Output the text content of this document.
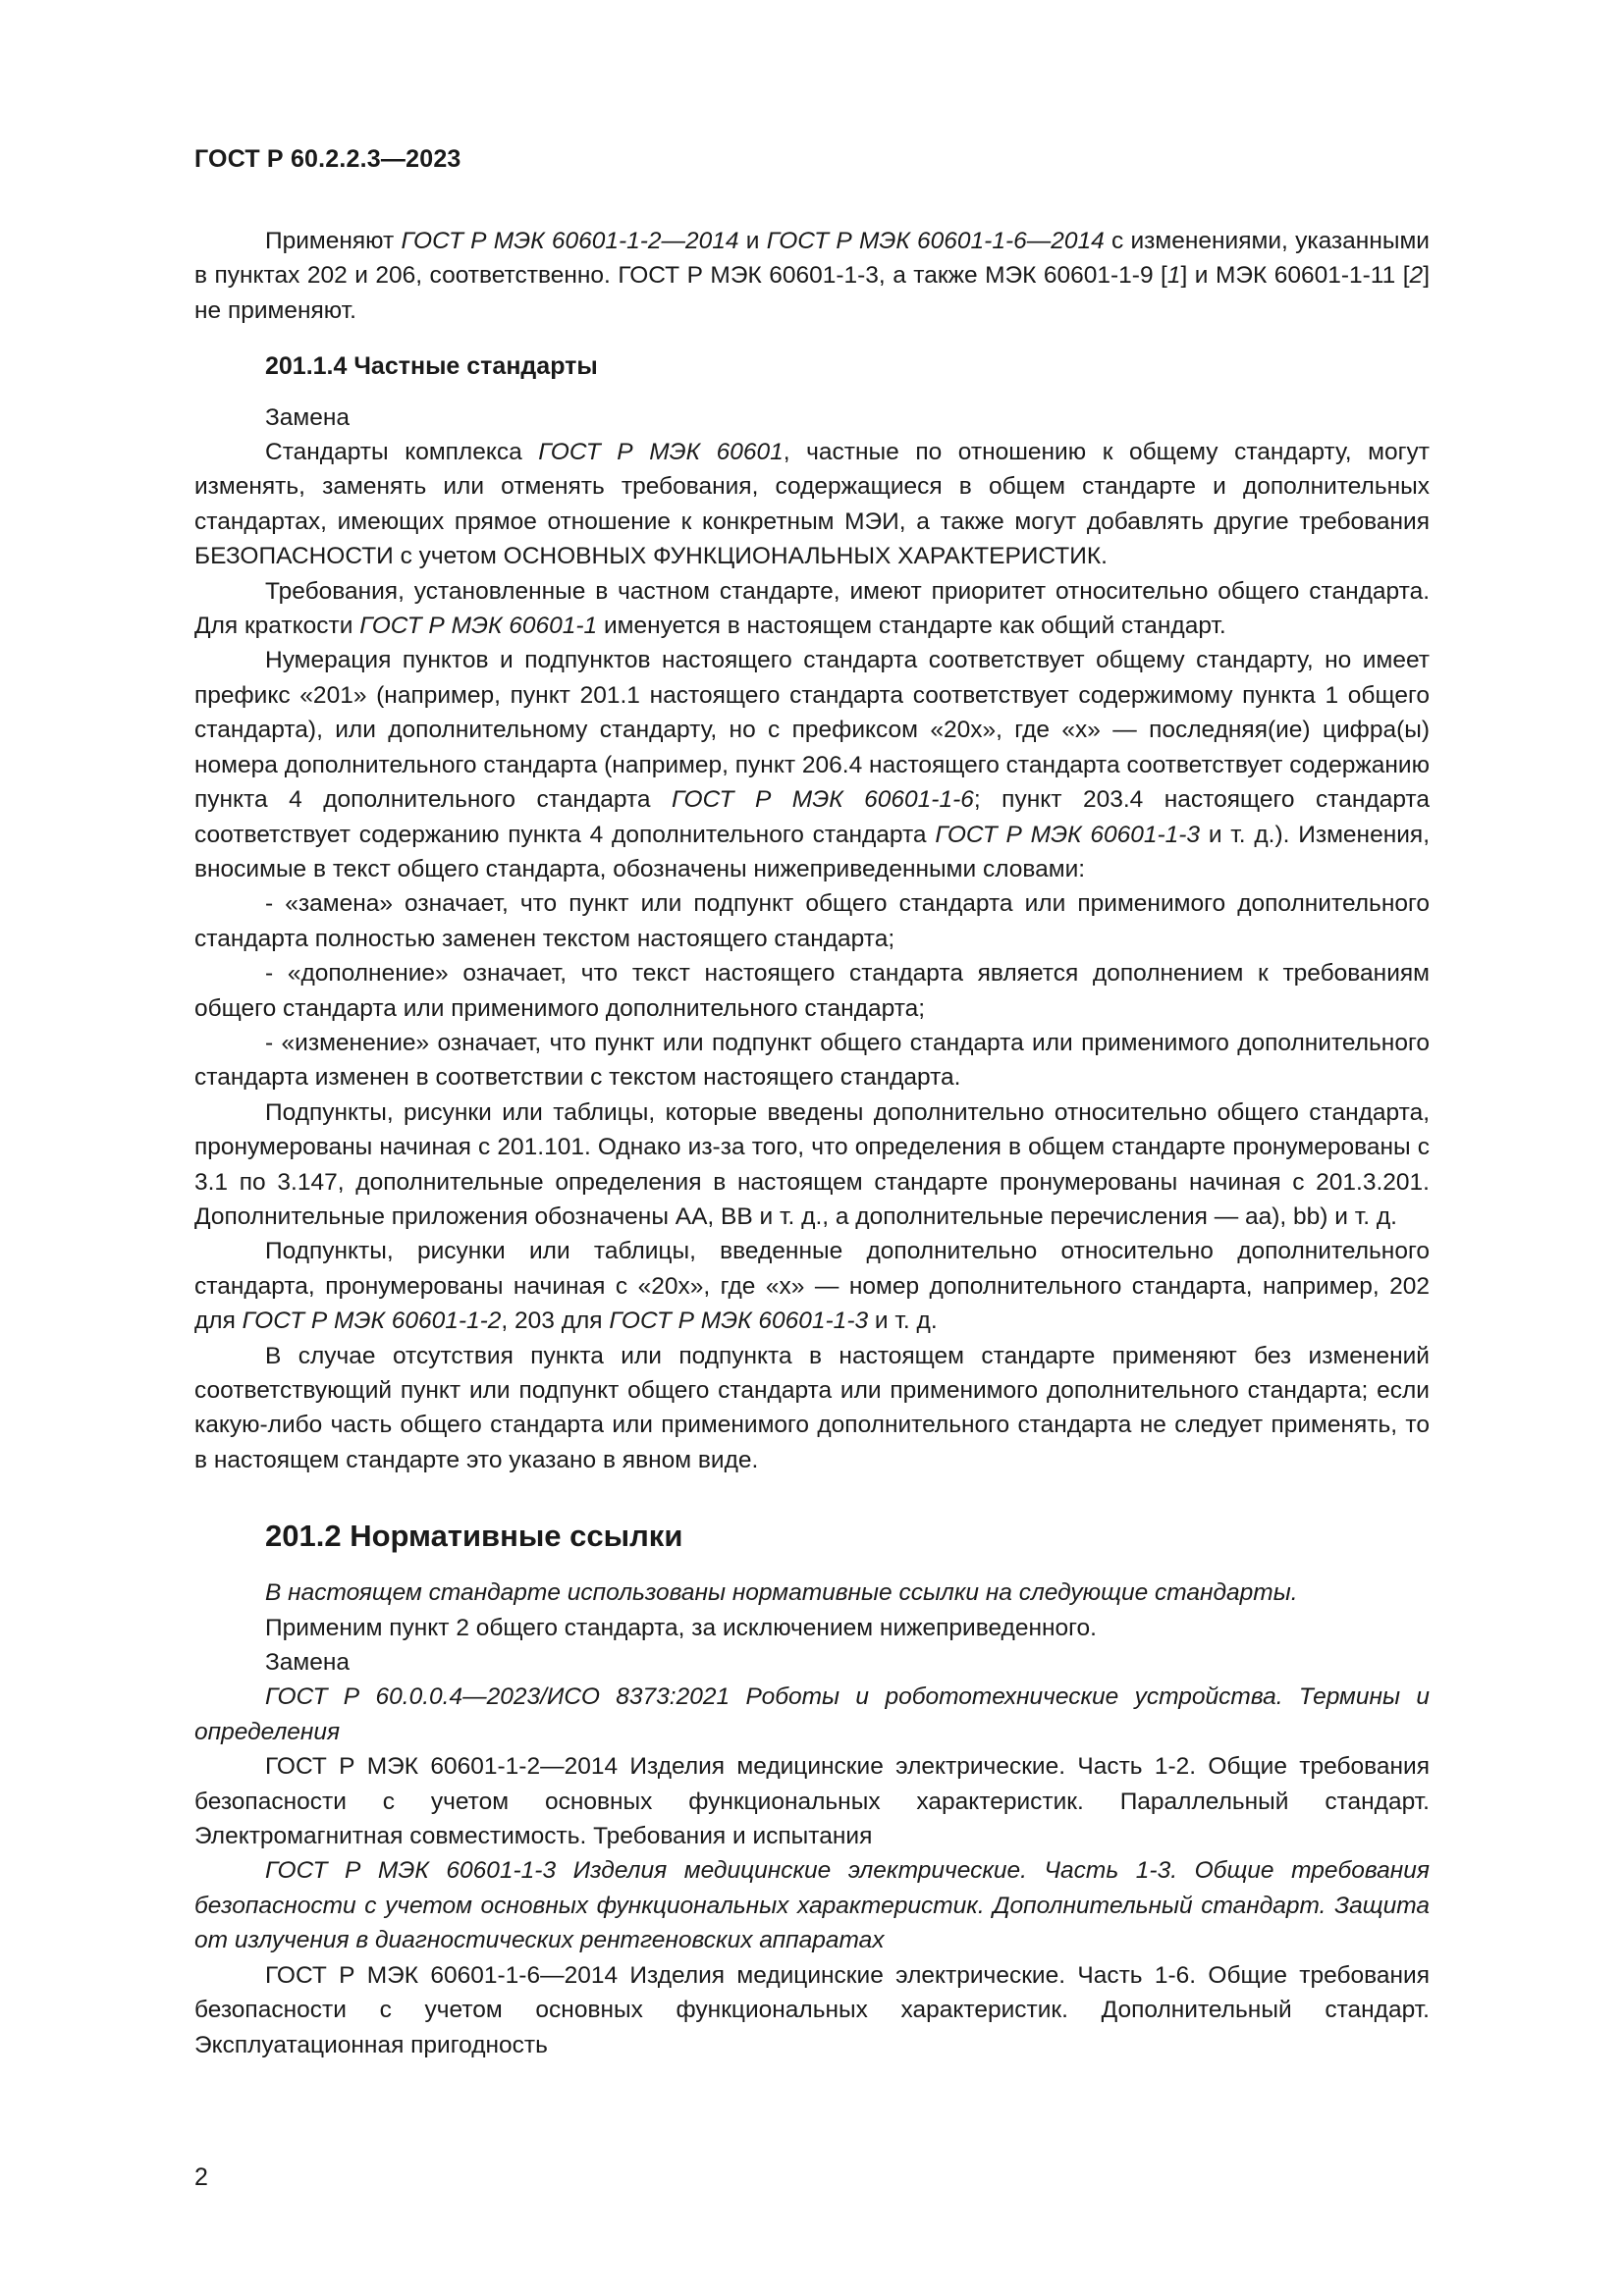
ГОСТ Р 60.2.2.3—2023

Применяют ГОСТ Р МЭК 60601-1-2—2014 и ГОСТ Р МЭК 60601-1-6—2014 с изменениями, указанными в пунктах 202 и 206, соответственно. ГОСТ Р МЭК 60601-1-3, а также МЭК 60601-1-9 [1] и МЭК 60601-1-11 [2] не применяют.

201.1.4 Частные стандарты

Замена

Стандарты комплекса ГОСТ Р МЭК 60601, частные по отношению к общему стандарту, могут изменять, заменять или отменять требования, содержащиеся в общем стандарте и дополнительных стандартах, имеющих прямое отношение к конкретным МЭИ, а также могут добавлять другие требования БЕЗОПАСНОСТИ с учетом ОСНОВНЫХ ФУНКЦИОНАЛЬНЫХ ХАРАКТЕРИСТИК.

Требования, установленные в частном стандарте, имеют приоритет относительно общего стандарта. Для краткости ГОСТ Р МЭК 60601-1 именуется в настоящем стандарте как общий стандарт.

Нумерация пунктов и подпунктов настоящего стандарта соответствует общему стандарту, но имеет префикс «201» (например, пункт 201.1 настоящего стандарта соответствует содержимому пункта 1 общего стандарта), или дополнительному стандарту, но с префиксом «20х», где «х» — последняя(ие) цифра(ы) номера дополнительного стандарта (например, пункт 206.4 настоящего стандарта соответствует содержанию пункта 4 дополнительного стандарта ГОСТ Р МЭК 60601-1-6; пункт 203.4 настоящего стандарта соответствует содержанию пункта 4 дополнительного стандарта ГОСТ Р МЭК 60601-1-3 и т. д.). Изменения, вносимые в текст общего стандарта, обозначены нижеприведенными словами:

- «замена» означает, что пункт или подпункт общего стандарта или применимого дополнительного стандарта полностью заменен текстом настоящего стандарта;

- «дополнение» означает, что текст настоящего стандарта является дополнением к требованиям общего стандарта или применимого дополнительного стандарта;

- «изменение» означает, что пункт или подпункт общего стандарта или применимого дополнительного стандарта изменен в соответствии с текстом настоящего стандарта.

Подпункты, рисунки или таблицы, которые введены дополнительно относительно общего стандарта, пронумерованы начиная с 201.101. Однако из-за того, что определения в общем стандарте пронумерованы с 3.1 по 3.147, дополнительные определения в настоящем стандарте пронумерованы начиная с 201.3.201. Дополнительные приложения обозначены АА, ВВ и т. д., а дополнительные перечисления — aa), bb) и т. д.

Подпункты, рисунки или таблицы, введенные дополнительно относительно дополнительного стандарта, пронумерованы начиная с «20х», где «х» — номер дополнительного стандарта, например, 202 для ГОСТ Р МЭК 60601-1-2, 203 для ГОСТ Р МЭК 60601-1-3 и т. д.

В случае отсутствия пункта или подпункта в настоящем стандарте применяют без изменений соответствующий пункт или подпункт общего стандарта или применимого дополнительного стандарта; если какую-либо часть общего стандарта или применимого дополнительного стандарта не следует применять, то в настоящем стандарте это указано в явном виде.

201.2 Нормативные ссылки

В настоящем стандарте использованы нормативные ссылки на следующие стандарты.

Применим пункт 2 общего стандарта, за исключением нижеприведенного.

Замена

ГОСТ Р 60.0.0.4—2023/ИСО 8373:2021 Роботы и робототехнические устройства. Термины и определения

ГОСТ Р МЭК 60601-1-2—2014 Изделия медицинские электрические. Часть 1-2. Общие требования безопасности с учетом основных функциональных характеристик. Параллельный стандарт. Электромагнитная совместимость. Требования и испытания

ГОСТ Р МЭК 60601-1-3 Изделия медицинские электрические. Часть 1-3. Общие требования безопасности с учетом основных функциональных характеристик. Дополнительный стандарт. Защита от излучения в диагностических рентгеновских аппаратах

ГОСТ Р МЭК 60601-1-6—2014 Изделия медицинские электрические. Часть 1-6. Общие требования безопасности с учетом основных функциональных характеристик. Дополнительный стандарт. Эксплуатационная пригодность

2
